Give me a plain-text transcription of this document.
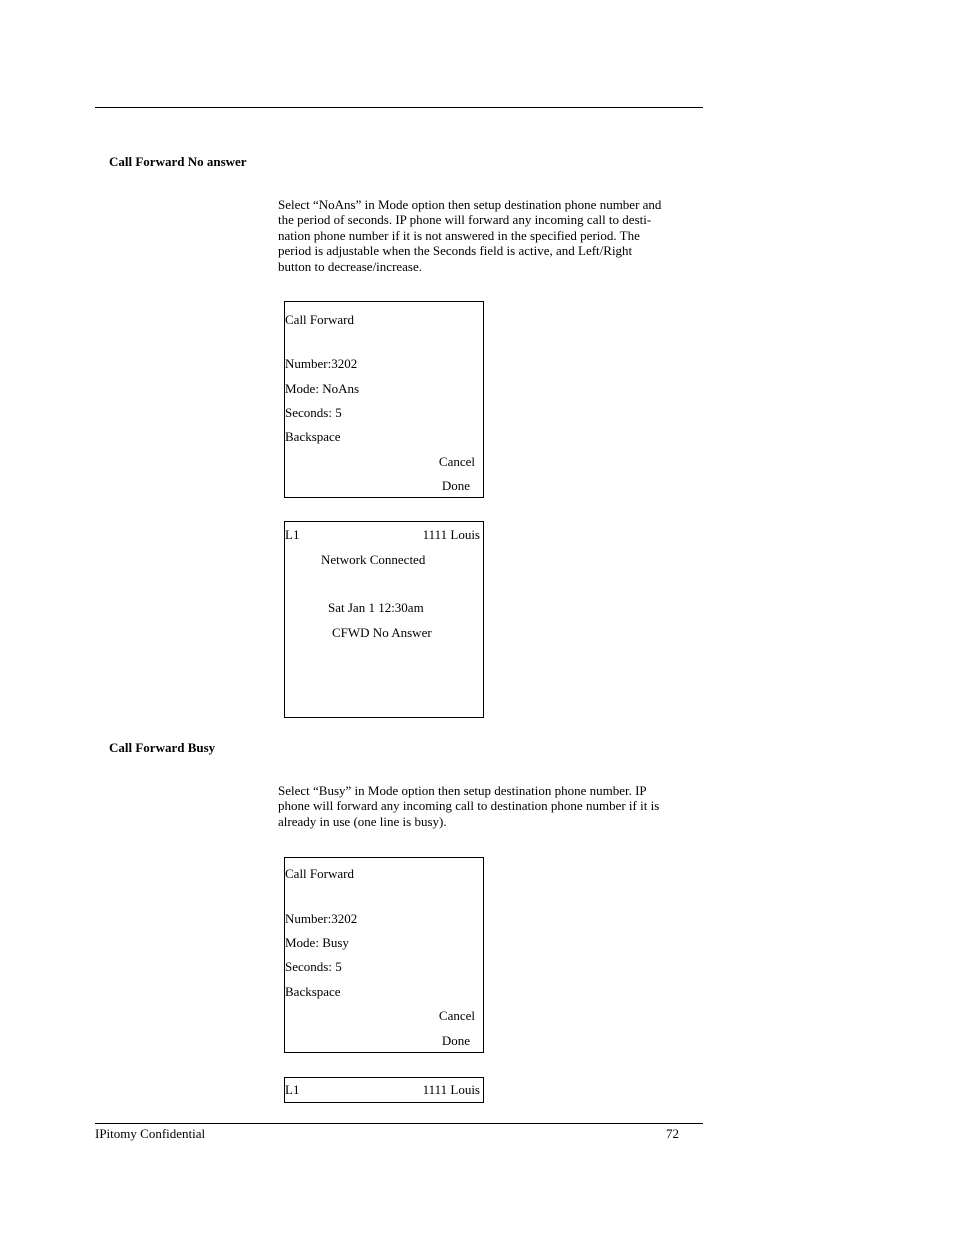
Call Forward No answer
Select “NoAns” in Mode option then setup destination phone number and
the period of seconds. IP phone will forward any incoming call to desti-
nation phone number if it is not answered in the specified period. The
period is adjustable when the Seconds field is active, and Left/Right
button to decrease/increase.
Call Forward
Number:3202
Mode: NoAns
Seconds: 5
Backspace
Cancel
Done
L1	1111 Louis
Network Connected
Sat Jan 1 12:30am
CFWD No Answer
Call Forward Busy
Select “Busy” in Mode option then setup destination phone number. IP
phone will forward any incoming call to destination phone number if it is
already in use (one line is busy).
Call Forward
Number:3202
Mode: Busy
Seconds: 5
Backspace
Cancel
Done
L1	1111 Louis
IPitomy Confidential	72
